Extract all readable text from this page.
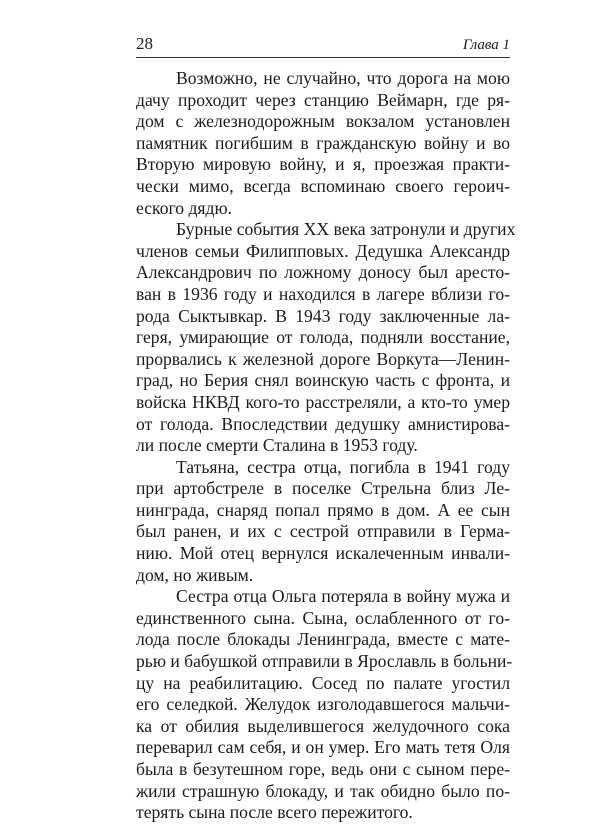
28	Глава 1
Возможно, не случайно, что дорога на мою
дачу проходит через станцию Веймарн, где ря-
дом с железнодорожным вокзалом установлен
памятник погибшим в гражданскую войну и во
Вторую мировую войну, и я, проезжая практи-
чески мимо, всегда вспоминаю своего героич-
еского дядю.
Бурные события XX века затронули и других
членов семьи Филипповых. Дедушка Александр
Александрович по ложному доносу был аресто-
ван в 1936 году и находился в лагере вблизи го-
рода Сыктывкар. В 1943 году заключенные ла-
геря, умирающие от голода, подняли восстание,
прорвались к железной дороге Воркута—Ленин-
град, но Берия снял воинскую часть с фронта, и
войска НКВД кого-то расстреляли, а кто-то умер
от голода. Впоследствии дедушку амнистирова-
ли после смерти Сталина в 1953 году.
Татьяна, сестра отца, погибла в 1941 году
при артобстреле в поселке Стрельна близ Ле-
нинграда, снаряд попал прямо в дом. А ее сын
был ранен, и их с сестрой отправили в Герма-
нию. Мой отец вернулся искалеченным инвали-
дом, но живым.
Сестра отца Ольга потеряла в войну мужа и
единственного сына. Сына, ослабленного от го-
лода после блокады Ленинграда, вместе с мате-
рью и бабушкой отправили в Ярославль в больни-
цу на реабилитацию. Сосед по палате угостил
его селедкой. Желудок изголодавшегося мальчи-
ка от обилия выделившегося желудочного сока
переварил сам себя, и он умер. Его мать тетя Оля
была в безутешном горе, ведь они с сыном пере-
жили страшную блокаду, и так обидно было по-
терять сына после всего пережитого.
